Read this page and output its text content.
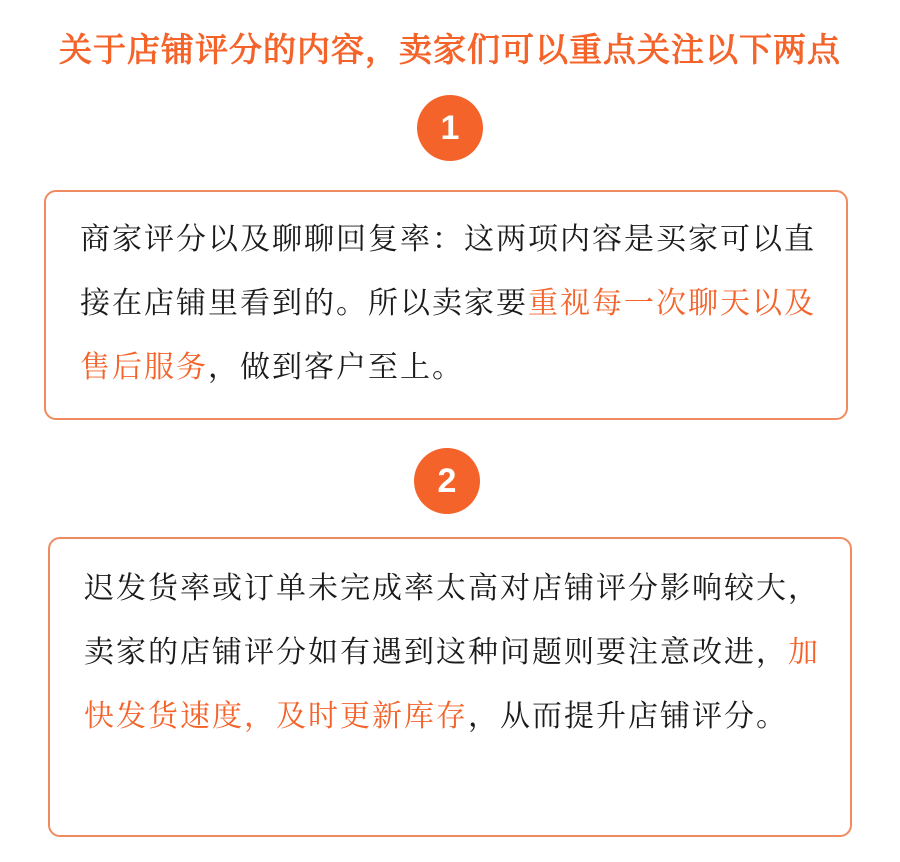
关于店铺评分的内容，卖家们可以重点关注以下两点
1

商家评分以及聊聊回复率：这两项内容是买家可以直接在店铺里看到的。所以卖家要重视每一次聊天以及售后服务，做到客户至上。

2

迟发货率或订单未完成率太高对店铺评分影响较大，卖家的店铺评分如有遇到这种问题则要注意改进，加快发货速度，及时更新库存，从而提升店铺评分。
